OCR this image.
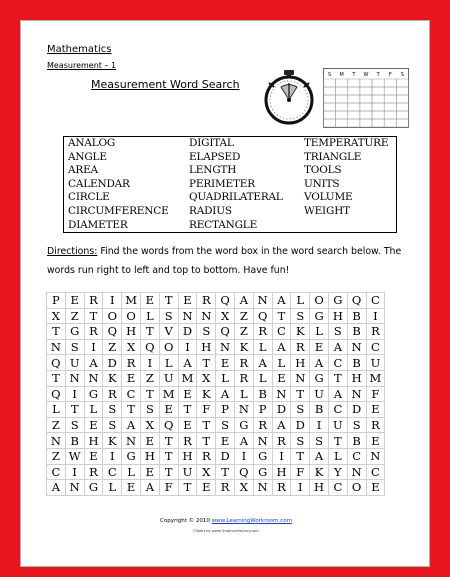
Mathematics
Measurement – 1
Measurement Word Search
S M T W T F S
ANALOG	DIGITAL	TEMPERATURE
ANGLE	ELAPSED	TRIANGLE
AREA	LENGTH	TOOLS
CALENDAR	PERIMETER	UNITS
CIRCLE	QUADRILATERAL	VOLUME
CIRCUMFERENCE	RADIUS	WEIGHT
DIAMETER	RECTANGLE
Directions: Find the words from the word box in the word search below. The words run right to left and top to bottom. Have fun!
P	E	R	I	M	E	T	E	R	Q	A	N	A	L	O	G	Q	C
X	Z	T	O	O	L	S	N	N	X	Z	Q	T	S	G	H	B	I
T	G	R	Q	H	T	V	D	S	Q	Z	R	C	K	L	S	B	R
N	S	I	Z	X	Q	O	I	H	N	K	L	A	R	E	A	N	C
Q	U	A	D	R	I	L	A	T	E	R	A	L	H	A	C	B	U
T	N	N	K	E	Z	U	M	X	L	R	L	E	N	G	T	H	M
Q	I	G	R	C	T	M	E	K	A	L	B	N	T	U	A	N	F
L	T	L	S	T	S	E	T	F	P	N	P	D	S	B	C	D	E
Z	S	E	S	A	X	Q	E	T	S	G	R	A	D	I	U	S	R
N	B	H	K	N	E	T	R	T	E	A	N	R	S	S	T	B	E
Z	W	E	I	G	H	T	H	R	D	I	G	I	T	A	L	C	N
C	I	R	C	L	E	T	U	X	T	Q	G	H	F	K	Y	N	C
A	N	G	L	E	A	F	T	E	R	X	N	R	I	H	C	O	E
Copyright © 2010 www.LearningWorkroom.com
Clipart by www.GraphicsFactory.com
